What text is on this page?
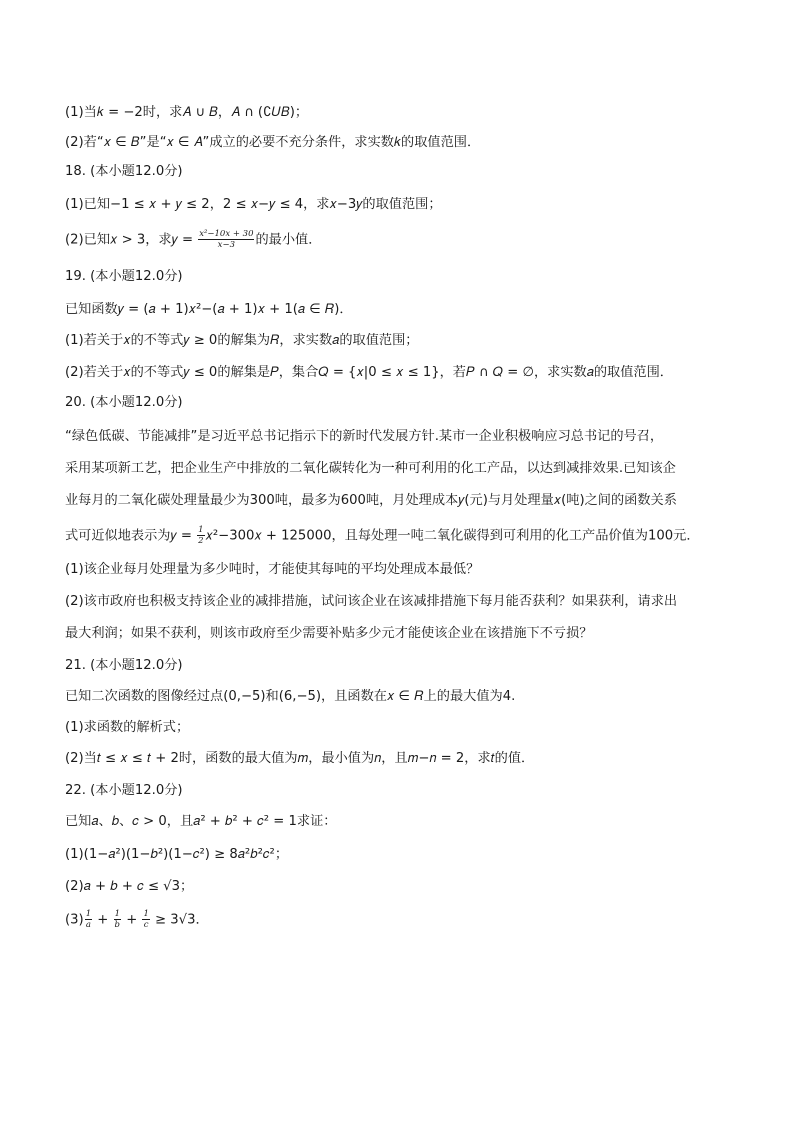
(1)当𝑘 = −2时，求𝐴 ∪ 𝐵，𝐴 ∩ (∁𝑈𝐵)；
(2)若“𝑥 ∈ 𝐵”是“𝑥 ∈ 𝐴”成立的必要不充分条件，求实数𝑘的取值范围．
18. (本小题12.0分)
(1)已知−1 ≤ 𝑥 + 𝑦 ≤ 2，2 ≤ 𝑥−𝑦 ≤ 4，求𝑥−3𝑦的取值范围；
(2)已知𝑥 > 3，求𝑦 = $\frac{\text{𝑥²−10𝑥 + 30}}{\text{𝑥−3}}$ 的最小值．
19. (本小题12.0分)
已知函数𝑦 = (𝑎 + 1)𝑥²−(𝑎 + 1)𝑥 + 1(𝑎 ∈ 𝑅)．
(1)若关于𝑥的不等式𝑦 ≥ 0的解集为𝑅，求实数𝑎的取值范围；
(2)若关于𝑥的不等式𝑦 ≤ 0的解集是𝑃，集合𝑄 = {𝑥|0 ≤ 𝑥 ≤ 1}，若𝑃 ∩ 𝑄 = ∅，求实数𝑎的取值范围．
20. (本小题12.0分)
“绿色低碳、节能减排”是习近平总书记指示下的新时代发展方针.某市一企业积极响应习总书记的号召，
采用某项新工艺，把企业生产中排放的二氧化碳转化为一种可利用的化工产品，以达到减排效果.已知该企
业每月的二氧化碳处理量最少为300吨，最多为600吨，月处理成本𝑦(元)与月处理量𝑥(吨)之间的函数关系
式可近似地表示为𝑦 = $\frac{1}{2}$ 𝑥²−300𝑥 + 125000，且每处理一吨二氧化碳得到可利用的化工产品价值为100元．
(1)该企业每月处理量为多少吨时，才能使其每吨的平均处理成本最低？
(2)该市政府也积极支持该企业的减排措施，试问该企业在该减排措施下每月能否获利？如果获利，请求出
最大利润；如果不获利，则该市政府至少需要补贴多少元才能使该企业在该措施下不亏损？
21. (本小题12.0分)
已知二次函数的图像经过点(0,−5)和(6,−5)，且函数在𝑥 ∈ 𝑅上的最大值为4.
(1)求函数的解析式；
(2)当𝑡 ≤ 𝑥 ≤ 𝑡 + 2时，函数的最大值为𝑚，最小值为𝑛，且𝑚−𝑛 = 2，求𝑡的值．
22. (本小题12.0分)
已知𝑎、𝑏、𝑐 > 0，且𝑎² + 𝑏² + 𝑐² = 1求证：
(1)(1−𝑎²)(1−𝑏²)(1−𝑐²) ≥ 8𝑎²𝑏²𝑐²；
(2)𝑎 + 𝑏 + 𝑐 ≤ √3；
$(3) \frac{1}{\text{𝑎}} + \frac{1}{\text{𝑏}} + \frac{1}{\text{𝑐}} \ge 3√3$．
